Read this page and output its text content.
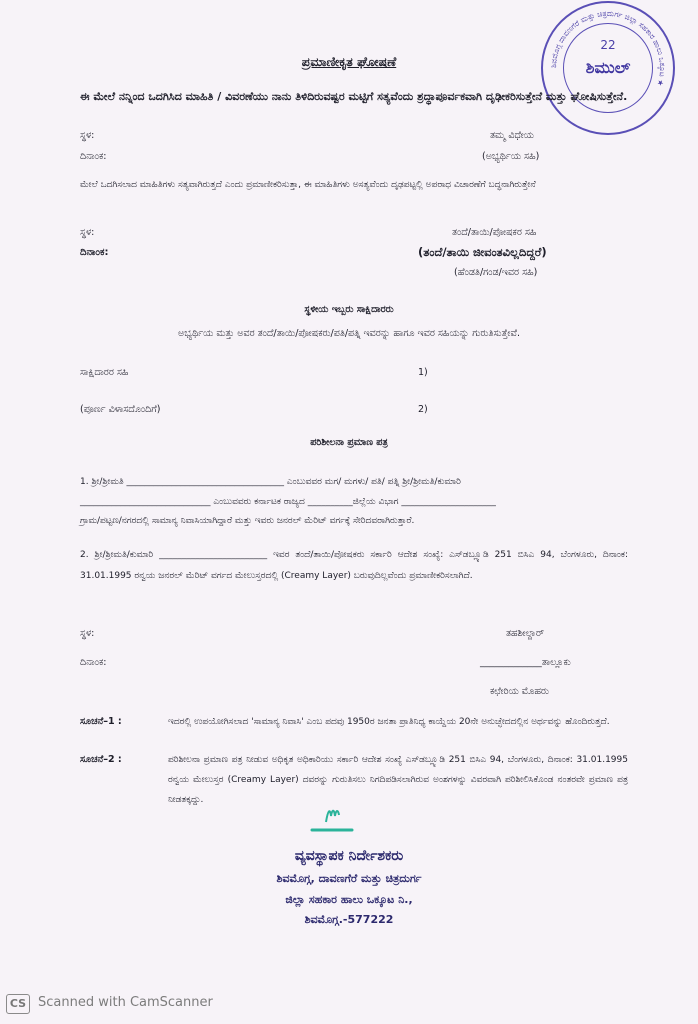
ಶಿವಮೊಗ್ಗ ದಾವಣಗೆರೆ ಮತ್ತು ಚಿತ್ರದುರ್ಗ ಜಿಲ್ಲಾ ಸಹಕಾರ ಹಾಲು ಒಕ್ಕೂಟ ★
22
ಶಿಮುಲ್
ಪ್ರಮಾಣೀಕೃತ ಘೋಷಣೆ
ಈ ಮೇಲೆ ನನ್ನಿಂದ ಒದಗಿಸಿದ ಮಾಹಿತಿ / ವಿವರಣೆಯು ನಾನು ತಿಳಿದಿರುವಷ್ಟರ ಮಟ್ಟಿಗೆ ಸತ್ಯವೆಂದು ಶ್ರದ್ಧಾಪೂರ್ವಕವಾಗಿ ದೃಢೀಕರಿಸುತ್ತೇನೆ ಮತ್ತು ಘೋಷಿಸುತ್ತೇನೆ.
ಸ್ಥಳ:	ತಮ್ಮ ವಿಧೇಯ
ದಿನಾಂಕ:	(ಅಭ್ಯರ್ಥಿಯ ಸಹಿ)
ಮೇಲೆ ಒದಗಿಸಲಾದ ಮಾಹಿತಿಗಳು ಸತ್ಯವಾಗಿರುತ್ತದೆ ಎಂದು ಪ್ರಮಾಣೀಕರಿಸುತ್ತಾ, ಈ ಮಾಹಿತಿಗಳು ಅಸತ್ಯವೆಂದು ದೃಢಪಟ್ಟಲ್ಲಿ ಅಪರಾಧ ವಿಚಾರಣೆಗೆ ಬದ್ಧನಾಗಿರುತ್ತೇನೆ
ಸ್ಥಳ:	ತಂದೆ/ತಾಯಿ/ಪೋಷಕರ ಸಹಿ
ದಿನಾಂಕ:	(ತಂದೆ/ತಾಯಿ ಜೀವಂತವಿಲ್ಲದಿದ್ದರೆ)
(ಹೆಂಡತಿ/ಗಂಡ/ಇವರ ಸಹಿ)
ಸ್ಥಳೀಯ ಇಬ್ಬರು ಸಾಕ್ಷಿದಾರರು
ಅಭ್ಯರ್ಥಿಯ ಮತ್ತು ಅವರ ತಂದೆ/ತಾಯಿ/ಪೋಷಕರು/ಪತಿ/ಪತ್ನಿ ಇವರನ್ನು ಹಾಗೂ ಇವರ ಸಹಿಯನ್ನು ಗುರುತಿಸುತ್ತೇವೆ.
ಸಾಕ್ಷಿದಾರರ ಸಹಿ	1)
(ಪೂರ್ಣ ವಿಳಾಸದೊಂದಿಗೆ)	2)
ಪರಿಶೀಲನಾ ಪ್ರಮಾಣ ಪತ್ರ
1. ಶ್ರೀ/ಶ್ರೀಮತಿ ___________________________________ ಎಂಬುವವರ ಮಗ/ ಮಗಳು/ ಪತಿ/ ಪತ್ನಿ ಶ್ರೀ/ಶ್ರೀಮತಿ/ಕುಮಾರಿ
_____________________________ ಎಂಬುವವರು ಕರ್ನಾಟಕ ರಾಜ್ಯದ __________ಜಿಲ್ಲೆಯ ವಿಭಾಗ _____________________
ಗ್ರಾಮ/ಪಟ್ಟಣ/ನಗರದಲ್ಲಿ ಸಾಮಾನ್ಯ ನಿವಾಸಿಯಾಗಿದ್ದಾರೆ ಮತ್ತು ಇವರು ಜನರಲ್ ಮೆರಿಟ್ ವರ್ಗಕ್ಕೆ ಸೇರಿದವರಾಗಿರುತ್ತಾರೆ.
2. ಶ್ರೀ/ಶ್ರೀಮತಿ/ಕುಮಾರಿ ________________________ ಇವರ ತಂದೆ/ತಾಯಿ/ಪೋಷಕರು ಸರ್ಕಾರಿ ಆದೇಶ ಸಂಖ್ಯೆ: ಎಸ್‌ಡಬ್ಲ್ಯೂಡಿ 251 ಬಿಸಿಎ 94, ಬೆಂಗಳೂರು, ದಿನಾಂಕ: 31.01.1995 ರನ್ವಯ ಜನರಲ್ ಮೆರಿಟ್ ವರ್ಗದ ಮೇಲುಸ್ತರದಲ್ಲಿ (Creamy Layer) ಬರುವುದಿಲ್ಲವೆಂದು ಪ್ರಮಾಣೀಕರಿಸಲಾಗಿದೆ.
ಸ್ಥಳ:	ತಹಶೀಲ್ದಾರ್
ದಿನಾಂಕ:	_____________ತಾಲ್ಲೂಕು
ಕಛೇರಿಯ ಮೊಹರು
ಸೂಚನೆ–1 :	ಇದರಲ್ಲಿ ಉಪಯೋಗಿಸಲಾದ 'ಸಾಮಾನ್ಯ ನಿವಾಸಿ' ಎಂಬ ಪದವು 1950ರ ಜನತಾ ಪ್ರಾತಿನಿಧ್ಯ ಕಾಯ್ದೆಯ 20ನೇ ಅನುಚ್ಛೇದದಲ್ಲಿನ ಅರ್ಥವನ್ನು ಹೊಂದಿರುತ್ತದೆ.
ಸೂಚನೆ–2 :	ಪರಿಶೀಲನಾ ಪ್ರಮಾಣ ಪತ್ರ ನೀಡುವ ಅಧಿಕೃತ ಅಧಿಕಾರಿಯು ಸರ್ಕಾರಿ ಆದೇಶ ಸಂಖ್ಯೆ ಎಸ್‌ಡಬ್ಲ್ಯೂಡಿ 251 ಬಿಸಿಎ 94, ಬೆಂಗಳೂರು, ದಿನಾಂಕ: 31.01.1995 ರನ್ವಯ ಮೇಲುಸ್ತರ (Creamy Layer) ದವರನ್ನು ಗುರುತಿಸಲು ನಿಗದಿಪಡಿಸಲಾಗಿರುವ ಅಂಶಗಳನ್ನು ವಿವರವಾಗಿ ಪರಿಶೀಲಿಸಿಕೊಂಡ ನಂತರವೇ ಪ್ರಮಾಣ ಪತ್ರ ನೀಡತಕ್ಕದ್ದು.
ವ್ಯವಸ್ಥಾಪಕ ನಿರ್ದೇಶಕರು
ಶಿವಮೊಗ್ಗ, ದಾವಣಗೆರೆ ಮತ್ತು ಚಿತ್ರದುರ್ಗ
ಜಿಲ್ಲಾ ಸಹಕಾರ ಹಾಲು ಒಕ್ಕೂಟ ನಿ.,
ಶಿವಮೊಗ್ಗ.-577222
CS Scanned with CamScanner
